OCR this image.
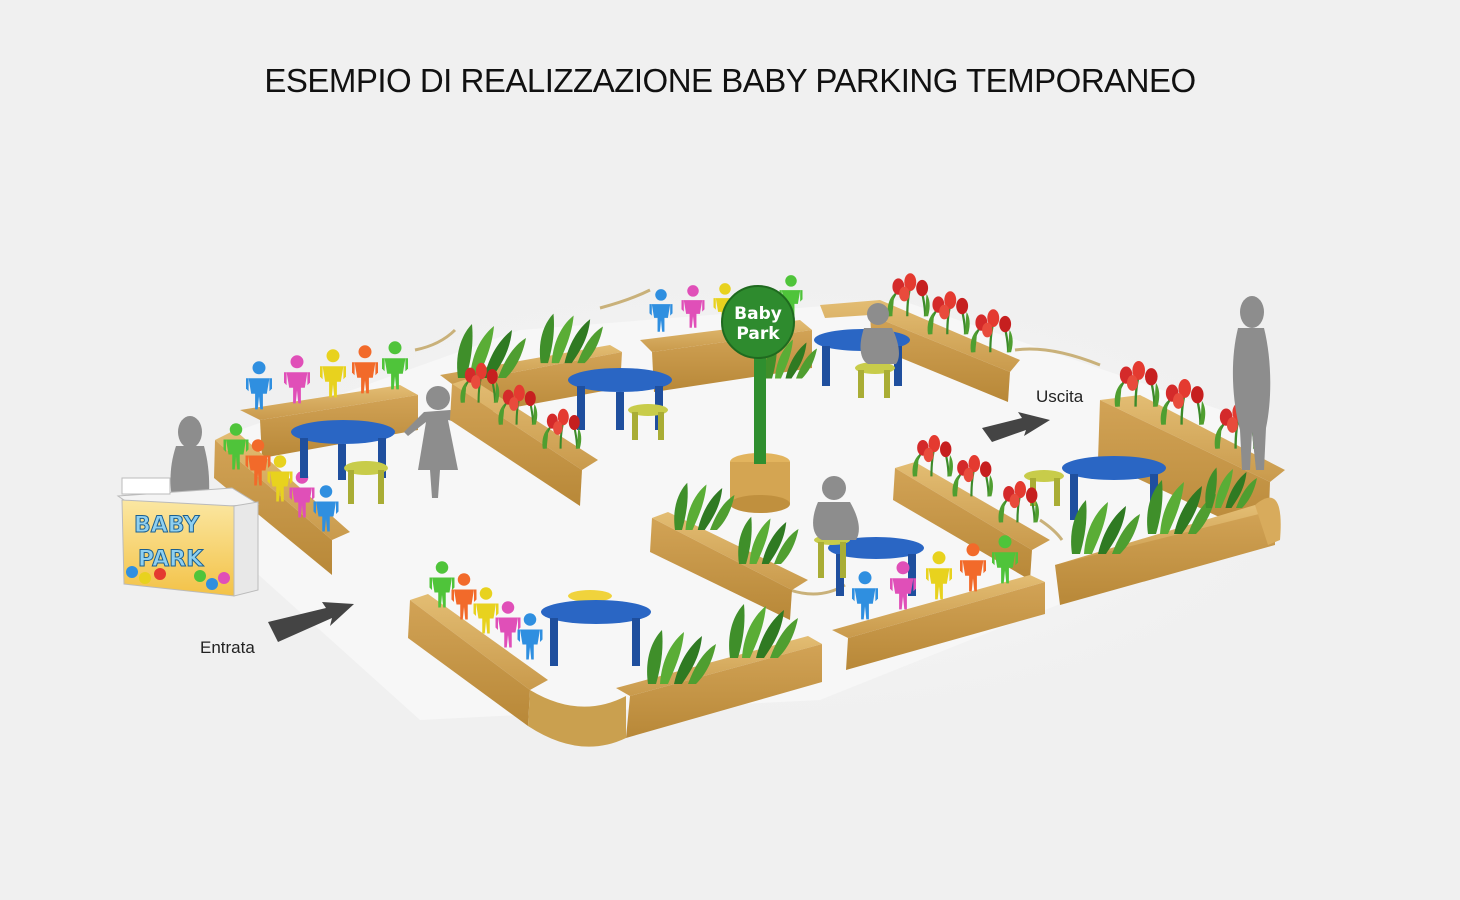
ESEMPIO DI REALIZZAZIONE BABY PARKING TEMPORANEO
Baby
Park
BABY
PARK
Entrata
Uscita
